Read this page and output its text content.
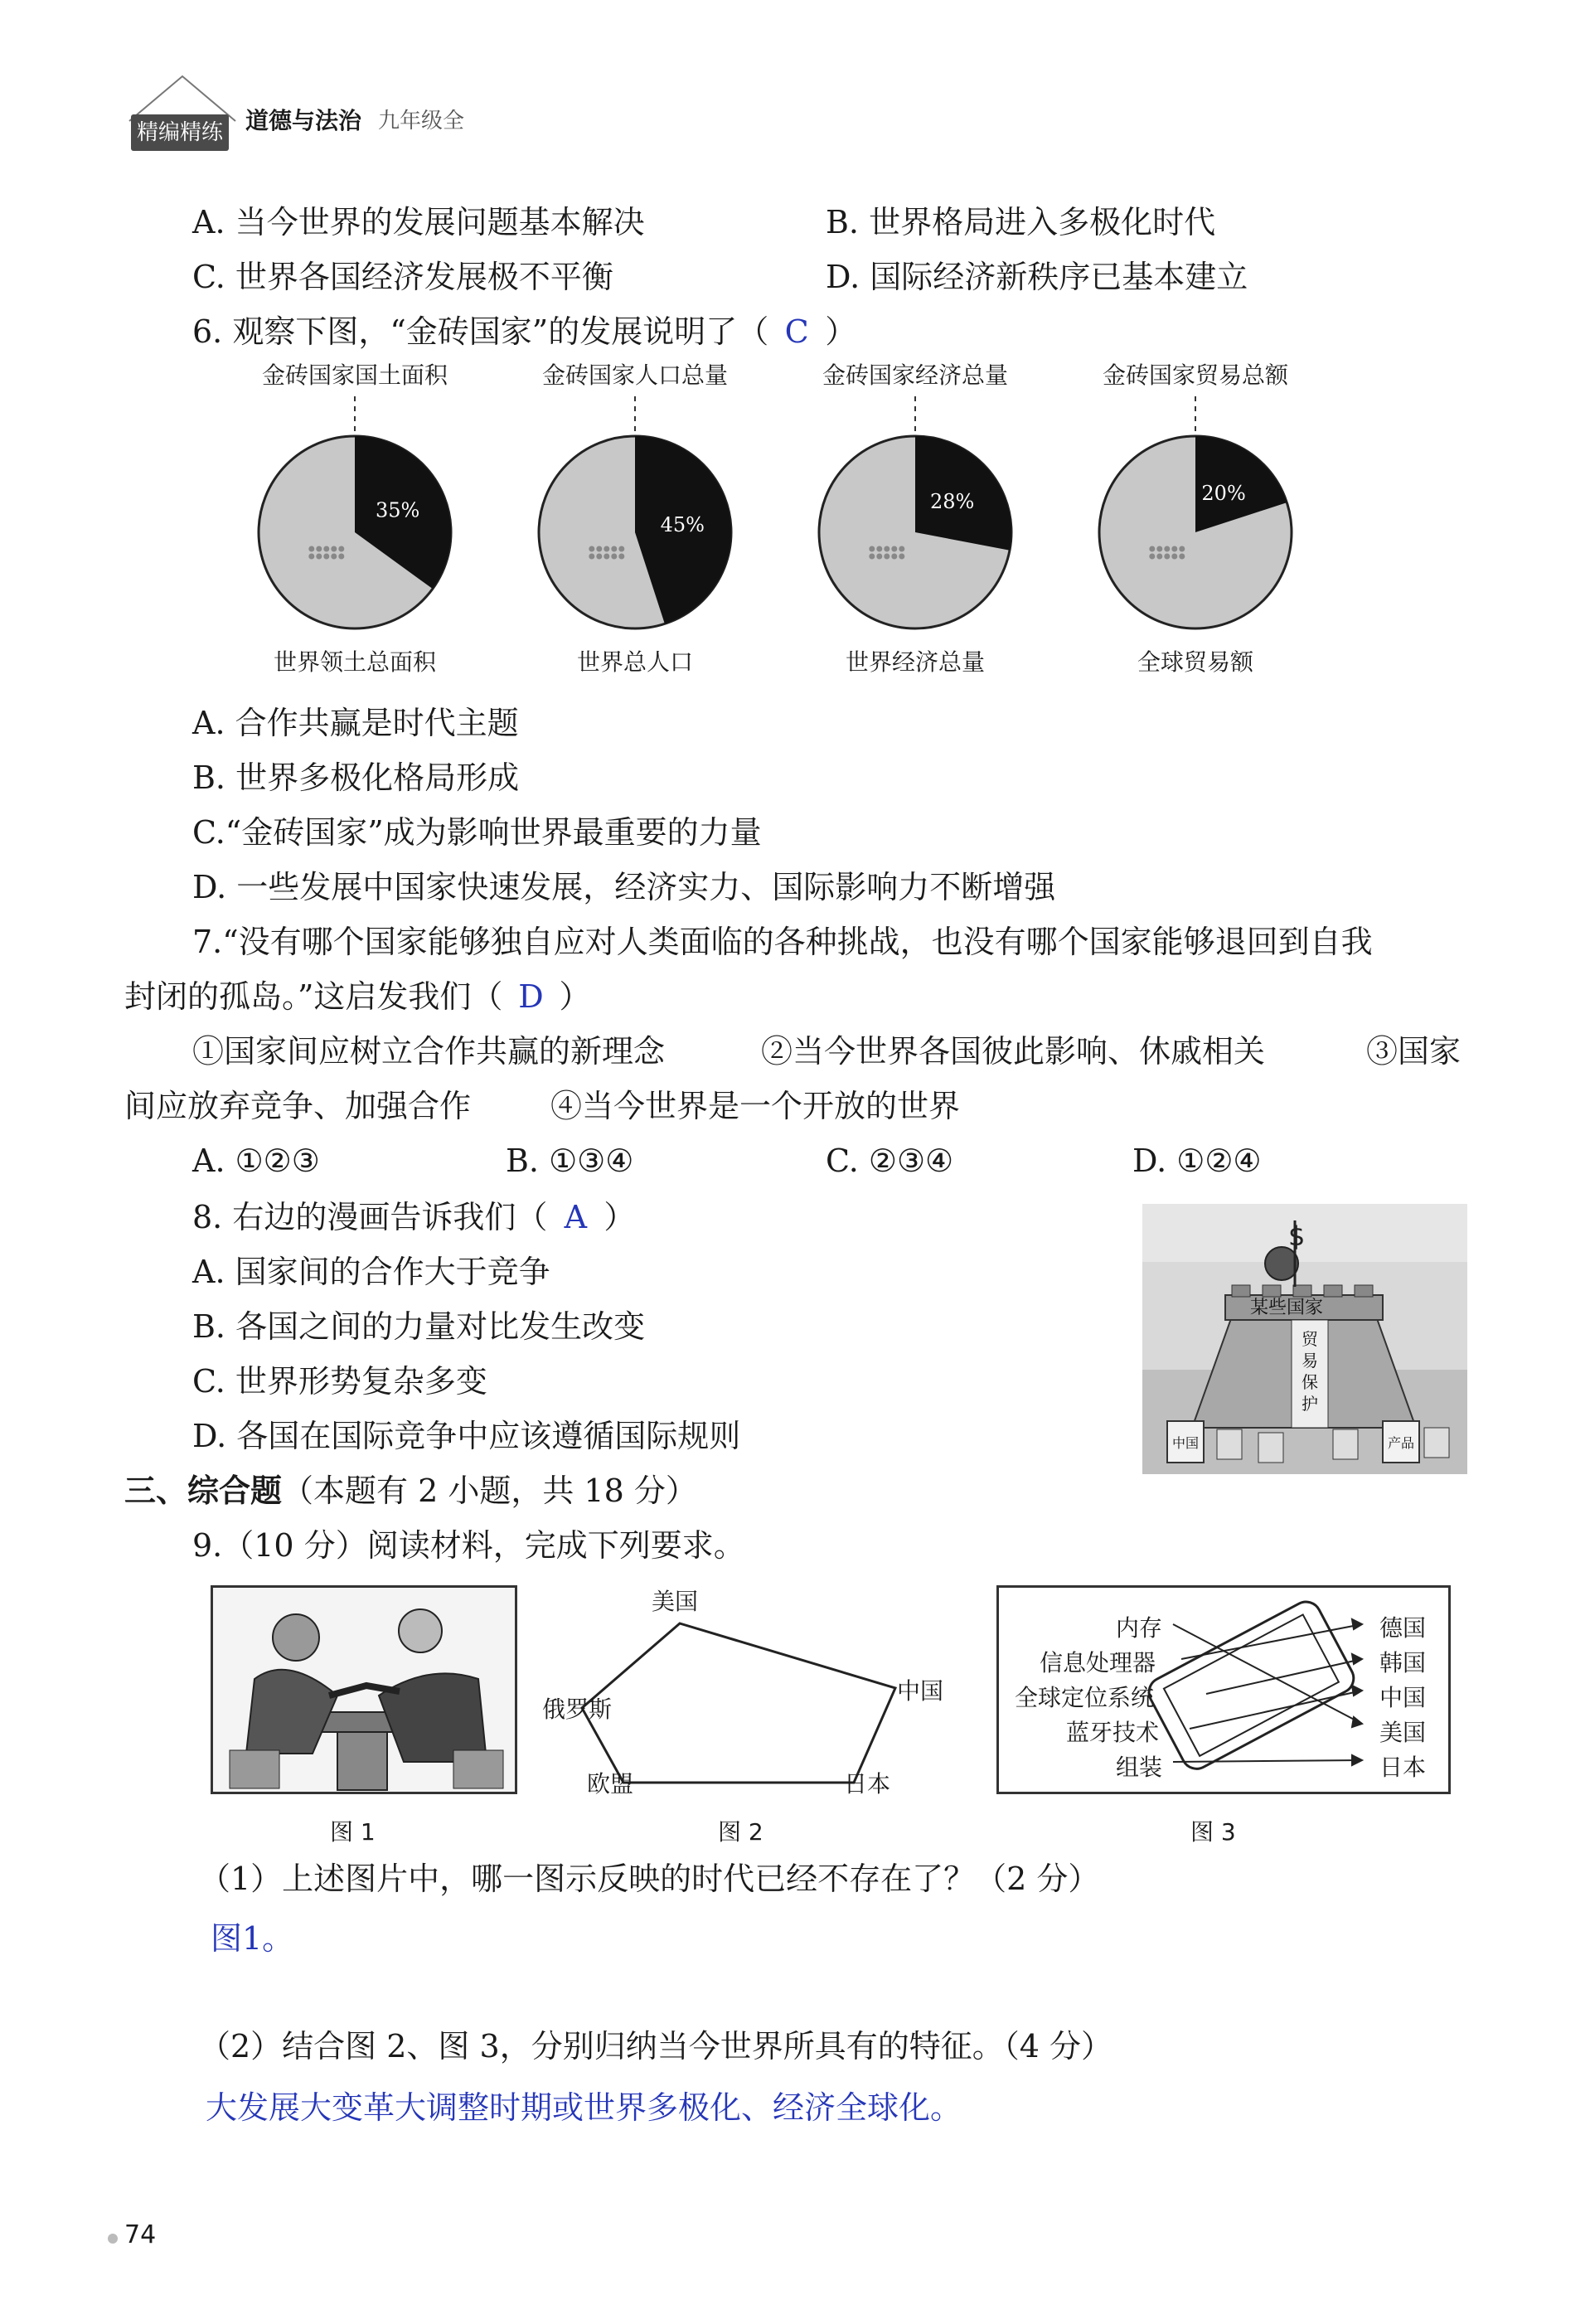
精编精练 道德与法治 九年级全
A. 当今世界的发展问题基本解决	B. 世界格局进入多极化时代
C. 世界各国经济发展极不平衡	D. 国际经济新秩序已基本建立
6. 观察下图，“金砖国家”的发展说明了（ C ）
金砖国家国土面积
35%
世界领土总面积
金砖国家人口总量
45%
世界总人口
金砖国家经济总量
28%
世界经济总量
金砖国家贸易总额
20%
全球贸易额
A. 合作共赢是时代主题
B. 世界多极化格局形成
C.“金砖国家”成为影响世界最重要的力量
D. 一些发展中国家快速发展，经济实力、国际影响力不断增强
7.“没有哪个国家能够独自应对人类面临的各种挑战，也没有哪个国家能够退回到自我
封闭的孤岛。”这启发我们（ D ）
①国家间应树立合作共赢的新理念	②当今世界各国彼此影响、休戚相关	③国家
间应放弃竞争、加强合作	④当今世界是一个开放的世界
A. ①②③	B. ①③④	C. ②③④	D. ①②④
8. 右边的漫画告诉我们（ A ）
A. 国家间的合作大于竞争
B. 各国之间的力量对比发生改变
C. 世界形势复杂多变
D. 各国在国际竞争中应该遵循国际规则
$
某些国家
贸易保护
中国	产品
三、综合题（本题有 2 小题，共 18 分）
9.（10 分）阅读材料，完成下列要求。
美国
中国
俄罗斯
欧盟	日本
内存
信息处理器
全球定位系统
蓝牙技术
组装
德国
韩国
中国
美国
日本
图 1	图 2	图 3
（1）上述图片中，哪一图示反映的时代已经不存在了？（2 分）
图1。
（2）结合图 2、图 3，分别归纳当今世界所具有的特征。（4 分）
大发展大变革大调整时期或世界多极化、经济全球化。
74
